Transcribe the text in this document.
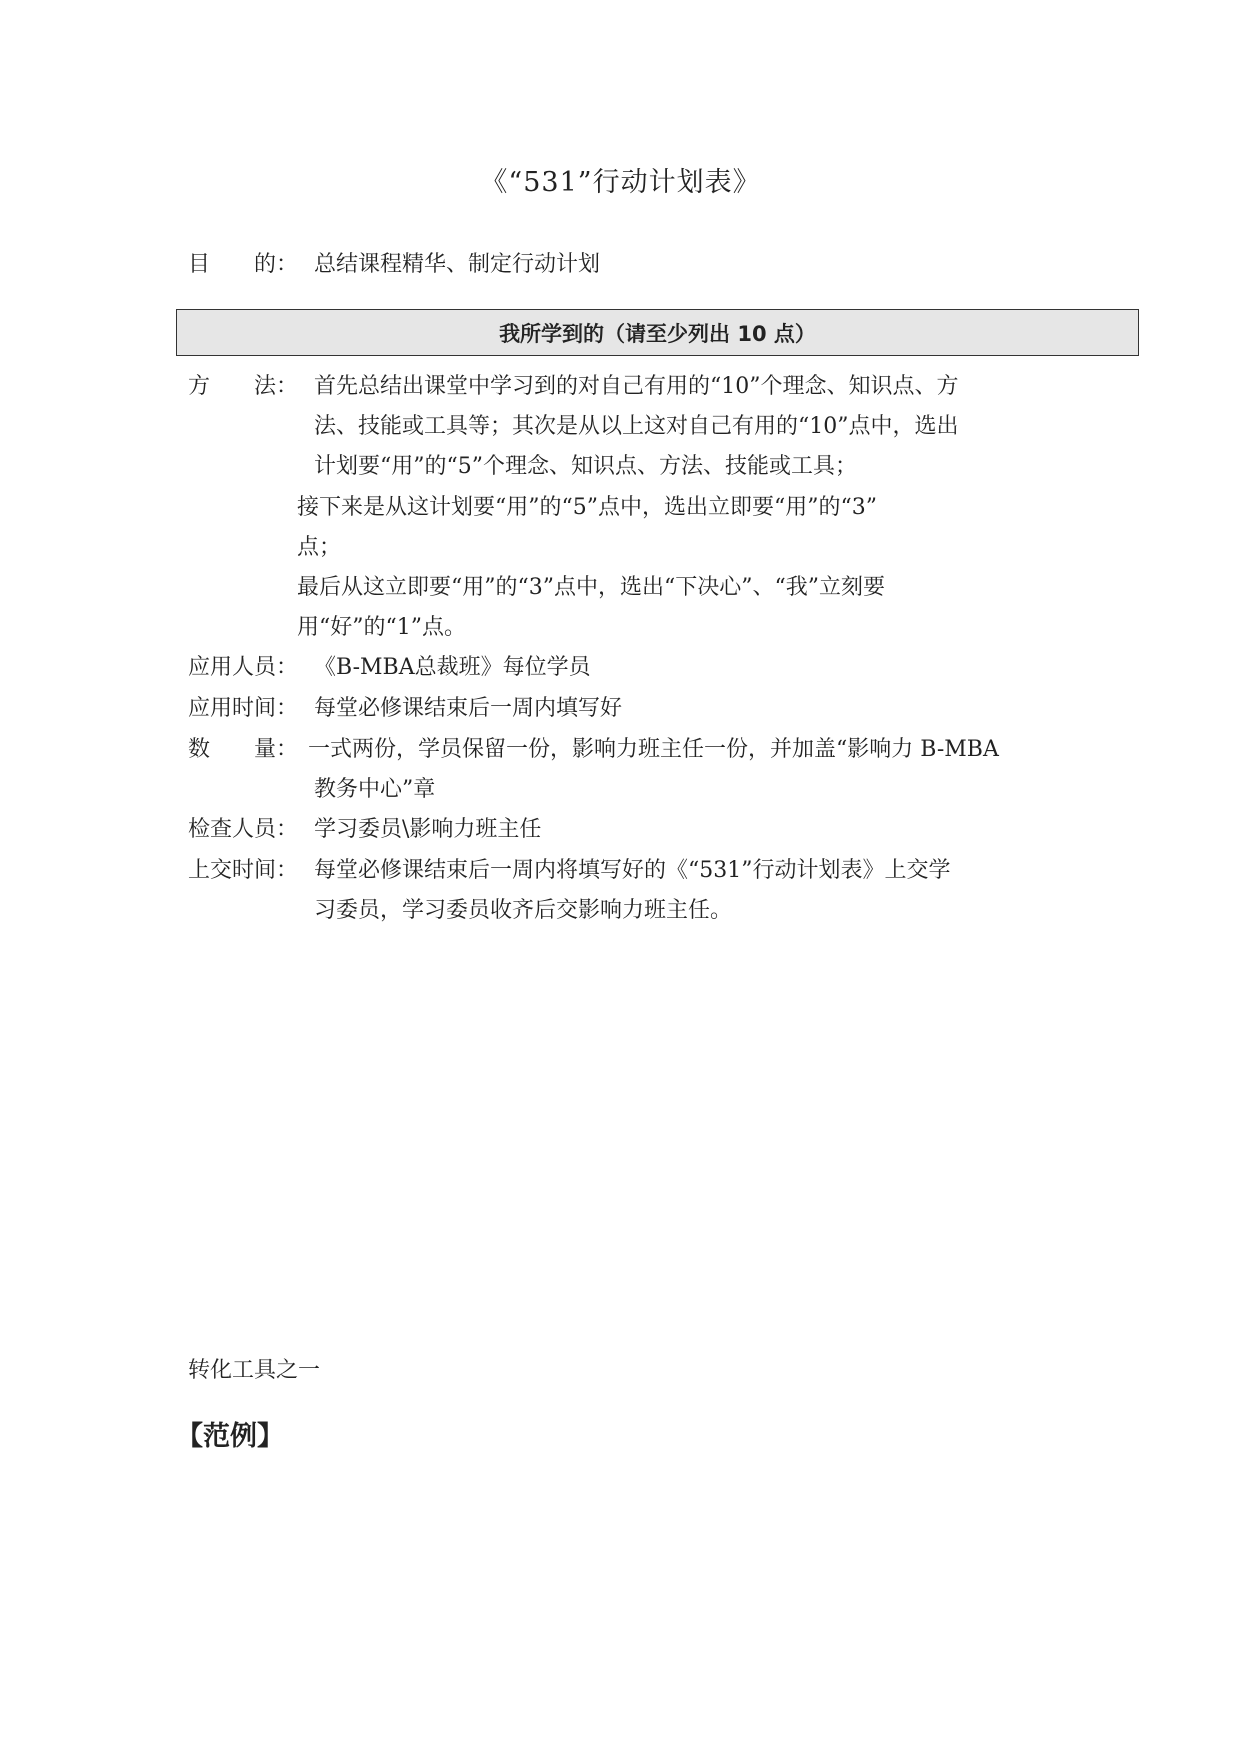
《“531”行动计划表》
目　　的： 总结课程精华、制定行动计划
我所学到的（请至少列出 10 点）
方　　法： 首先总结出课堂中学习到的对自己有用的“10”个理念、知识点、方
法、技能或工具等；其次是从以上这对自己有用的“10”点中，选出
计划要“用”的“5”个理念、知识点、方法、技能或工具；
接下来是从这计划要“用”的“5”点中，选出立即要“用”的“3”
点；
最后从这立即要“用”的“3”点中，选出“下决心”、“我”立刻要
用“好”的“1”点。
应用人员： 《B-MBA总裁班》每位学员
应用时间： 每堂必修课结束后一周内填写好
数　　量： 一式两份，学员保留一份，影响力班主任一份，并加盖“影响力 B-MBA
教务中心”章
检查人员： 学习委员\影响力班主任
上交时间： 每堂必修课结束后一周内将填写好的《“531”行动计划表》上交学
习委员，学习委员收齐后交影响力班主任。
转化工具之一
【范例】
